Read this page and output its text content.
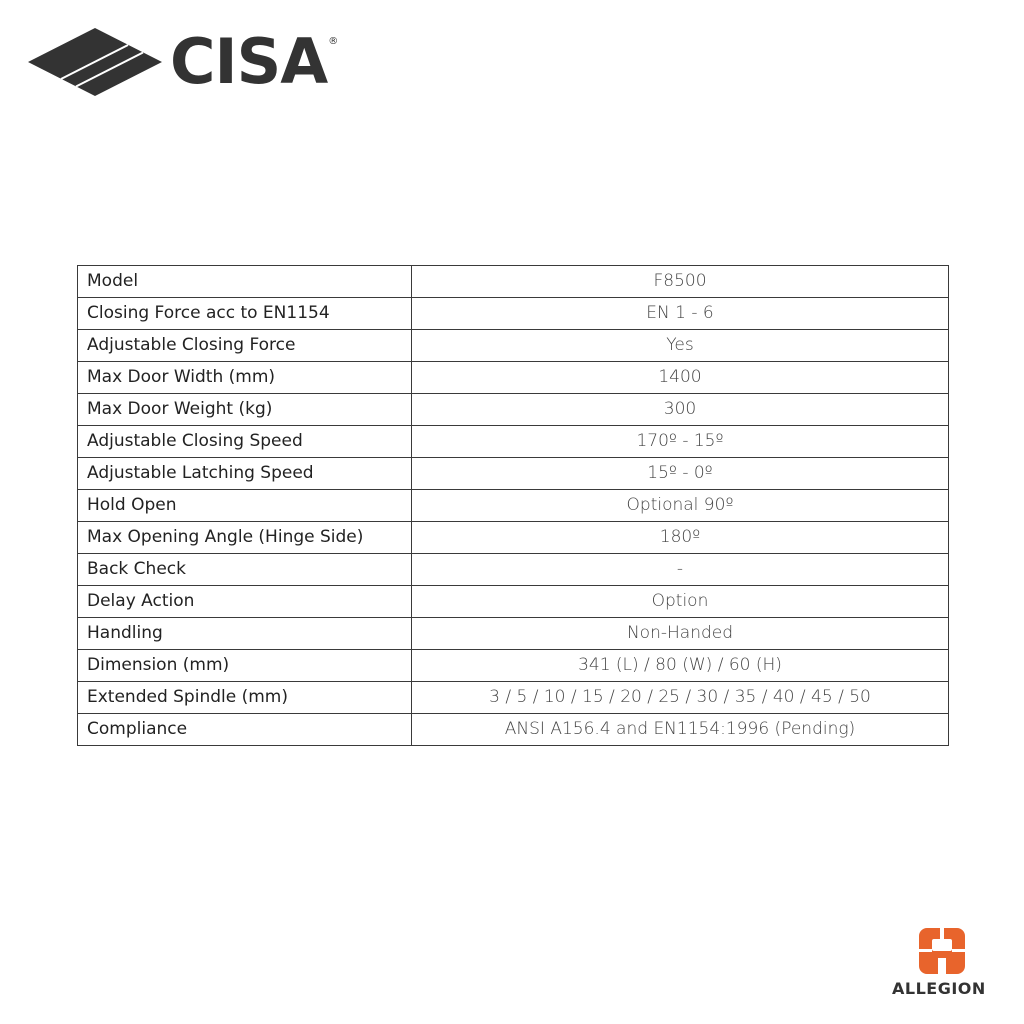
CISA ®
Model	F8500
Closing Force acc to EN1154	EN 1 - 6
Adjustable Closing Force	Yes
Max Door Width (mm)	1400
Max Door Weight (kg)	300
Adjustable Closing Speed	170º - 15º
Adjustable Latching Speed	15º - 0º
Hold Open	Optional 90º
Max Opening Angle (Hinge Side)	180º
Back Check	-
Delay Action	Option
Handling	Non-Handed
Dimension (mm)	341 (L) / 80 (W) / 60 (H)
Extended Spindle (mm)	3 / 5 / 10 / 15 / 20 / 25 / 30 / 35 / 40 / 45 / 50
Compliance	ANSI A156.4 and EN1154:1996 (Pending)
ALLEGION
